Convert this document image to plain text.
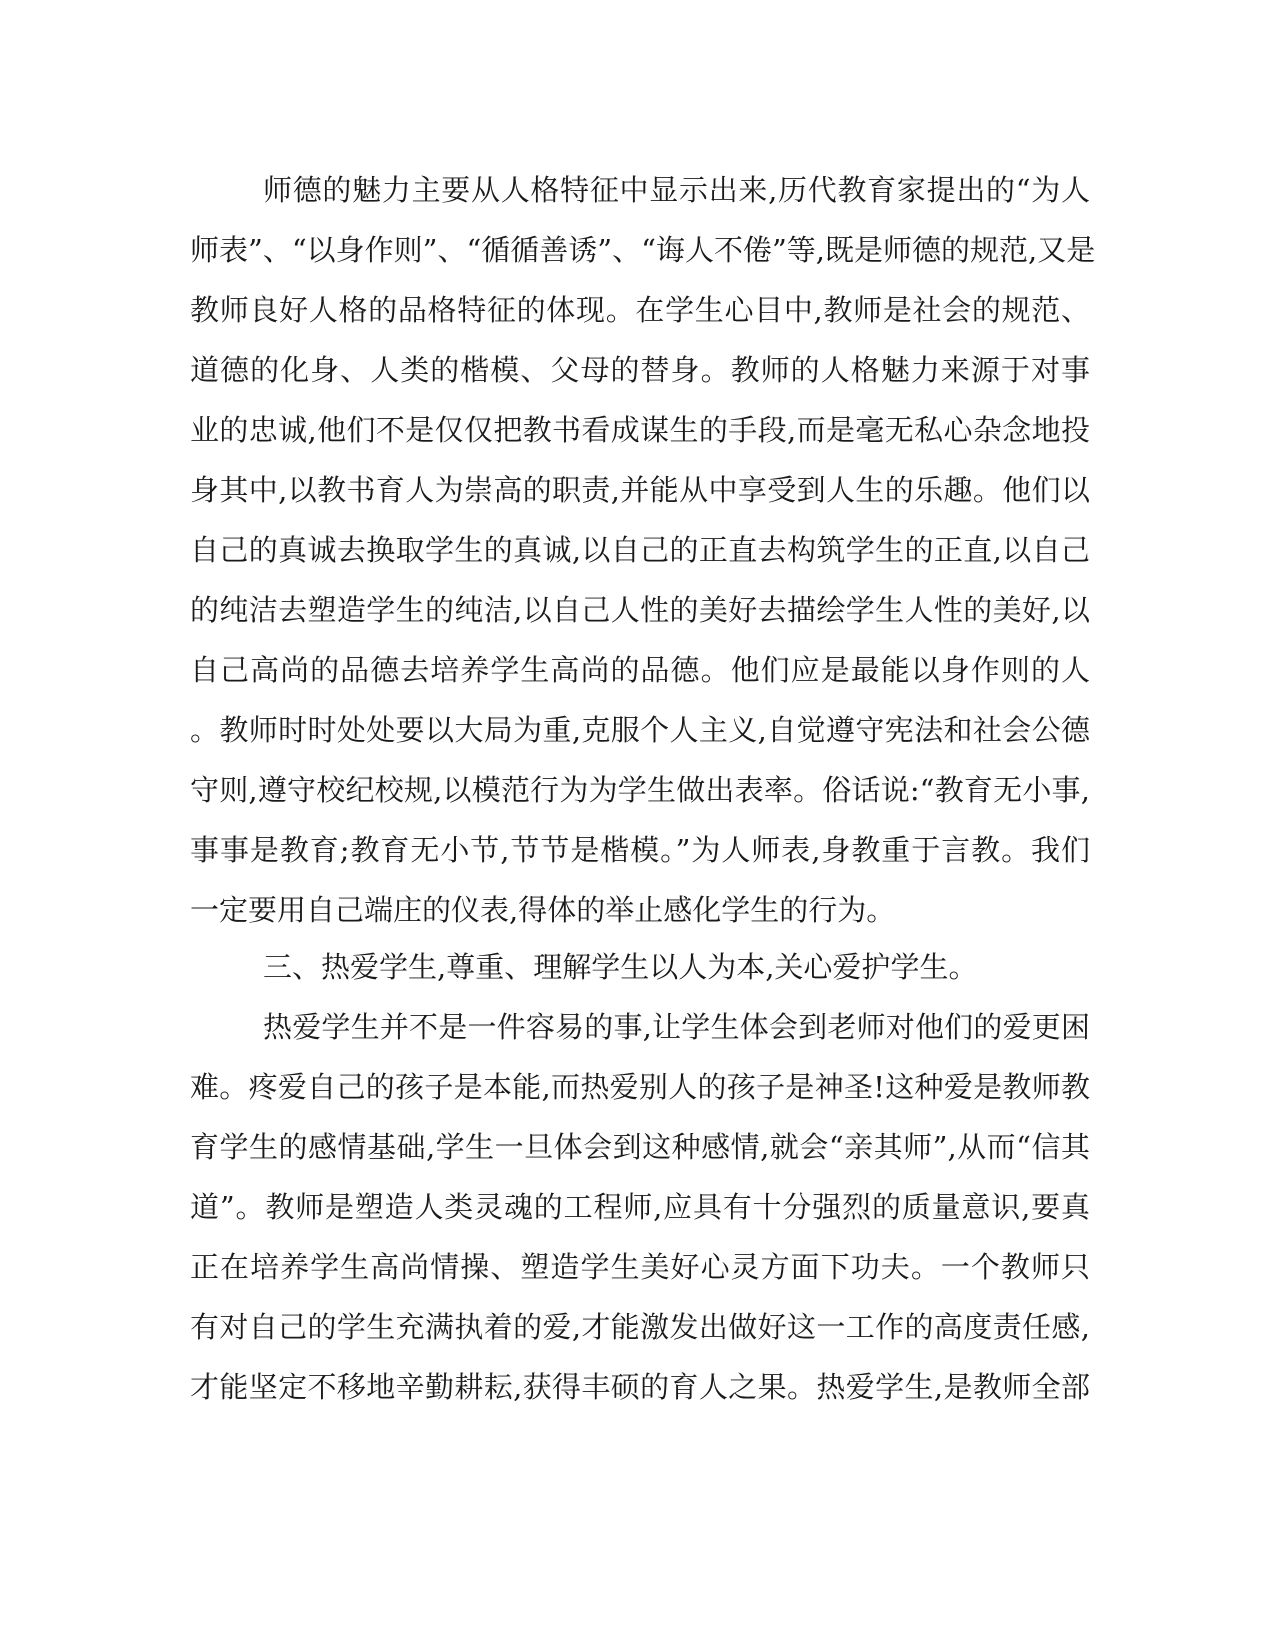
师德的魅力主要从人格特征中显示出来,历代教育家提出的“为人
师表”、“以身作则”、“循循善诱”、“诲人不倦”等,既是师德的规范,又是
教师良好人格的品格特征的体现。在学生心目中,教师是社会的规范、
道德的化身、人类的楷模、父母的替身。教师的人格魅力来源于对事
业的忠诚,他们不是仅仅把教书看成谋生的手段,而是毫无私心杂念地投
身其中,以教书育人为崇高的职责,并能从中享受到人生的乐趣。他们以
自己的真诚去换取学生的真诚,以自己的正直去构筑学生的正直,以自己
的纯洁去塑造学生的纯洁,以自己人性的美好去描绘学生人性的美好,以
自己高尚的品德去培养学生高尚的品德。他们应是最能以身作则的人
。教师时时处处要以大局为重,克服个人主义,自觉遵守宪法和社会公德
守则,遵守校纪校规,以模范行为为学生做出表率。俗话说:“教育无小事,
事事是教育;教育无小节,节节是楷模。”为人师表,身教重于言教。我们
一定要用自己端庄的仪表,得体的举止感化学生的行为。
三、热爱学生,尊重、理解学生以人为本,关心爱护学生。
热爱学生并不是一件容易的事,让学生体会到老师对他们的爱更困
难。疼爱自己的孩子是本能,而热爱别人的孩子是神圣!这种爱是教师教
育学生的感情基础,学生一旦体会到这种感情,就会“亲其师”,从而“信其
道”。教师是塑造人类灵魂的工程师,应具有十分强烈的质量意识,要真
正在培养学生高尚情操、塑造学生美好心灵方面下功夫。一个教师只
有对自己的学生充满执着的爱,才能激发出做好这一工作的高度责任感,
才能坚定不移地辛勤耕耘,获得丰硕的育人之果。热爱学生,是教师全部
